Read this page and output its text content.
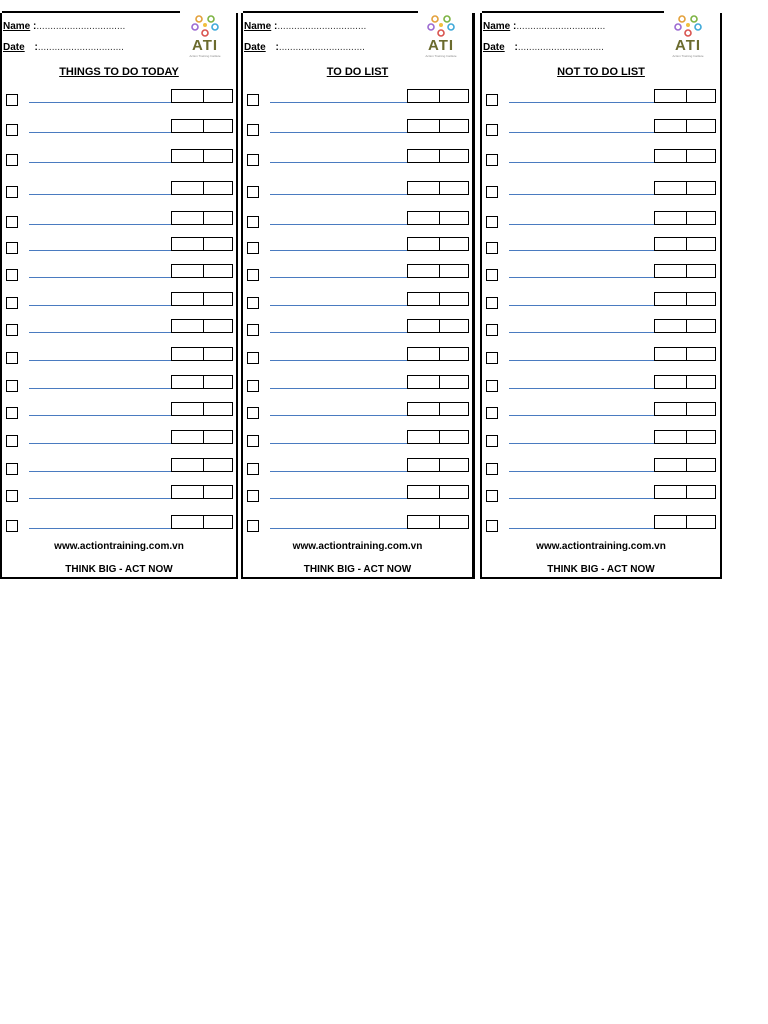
Name :................................
Date :...............................	ATI
Action Training Institute
THINGS TO DO TODAY
www.actiontraining.com.vn
THINK BIG - ACT NOW
Name :................................
Date :...............................	ATI
Action Training Institute
TO DO LIST
www.actiontraining.com.vn
THINK BIG - ACT NOW
Name :................................
Date :...............................	ATI
Action Training Institute
NOT TO DO LIST
www.actiontraining.com.vn
THINK BIG - ACT NOW
